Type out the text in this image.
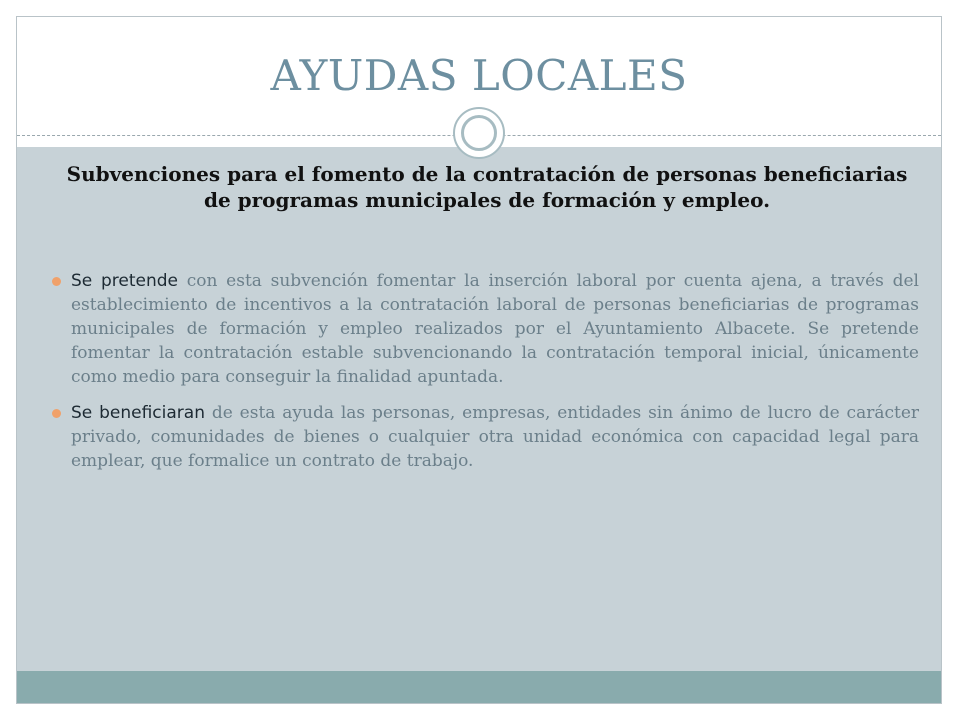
AYUDAS LOCALES
Subvenciones para el fomento de la contratación de personas beneficiarias de programas municipales de formación y empleo.
Se pretende con esta subvención fomentar la inserción laboral por cuenta ajena, a través del establecimiento de incentivos a la contratación laboral de personas beneficiarias de programas municipales de formación y empleo realizados por el Ayuntamiento Albacete. Se pretende fomentar la contratación estable subvencionando la contratación temporal inicial, únicamente como medio para conseguir la finalidad apuntada.
Se beneficiaran de esta ayuda las personas, empresas, entidades sin ánimo de lucro de carácter privado, comunidades de bienes o cualquier otra unidad económica con capacidad legal para emplear, que formalice un contrato de trabajo.
